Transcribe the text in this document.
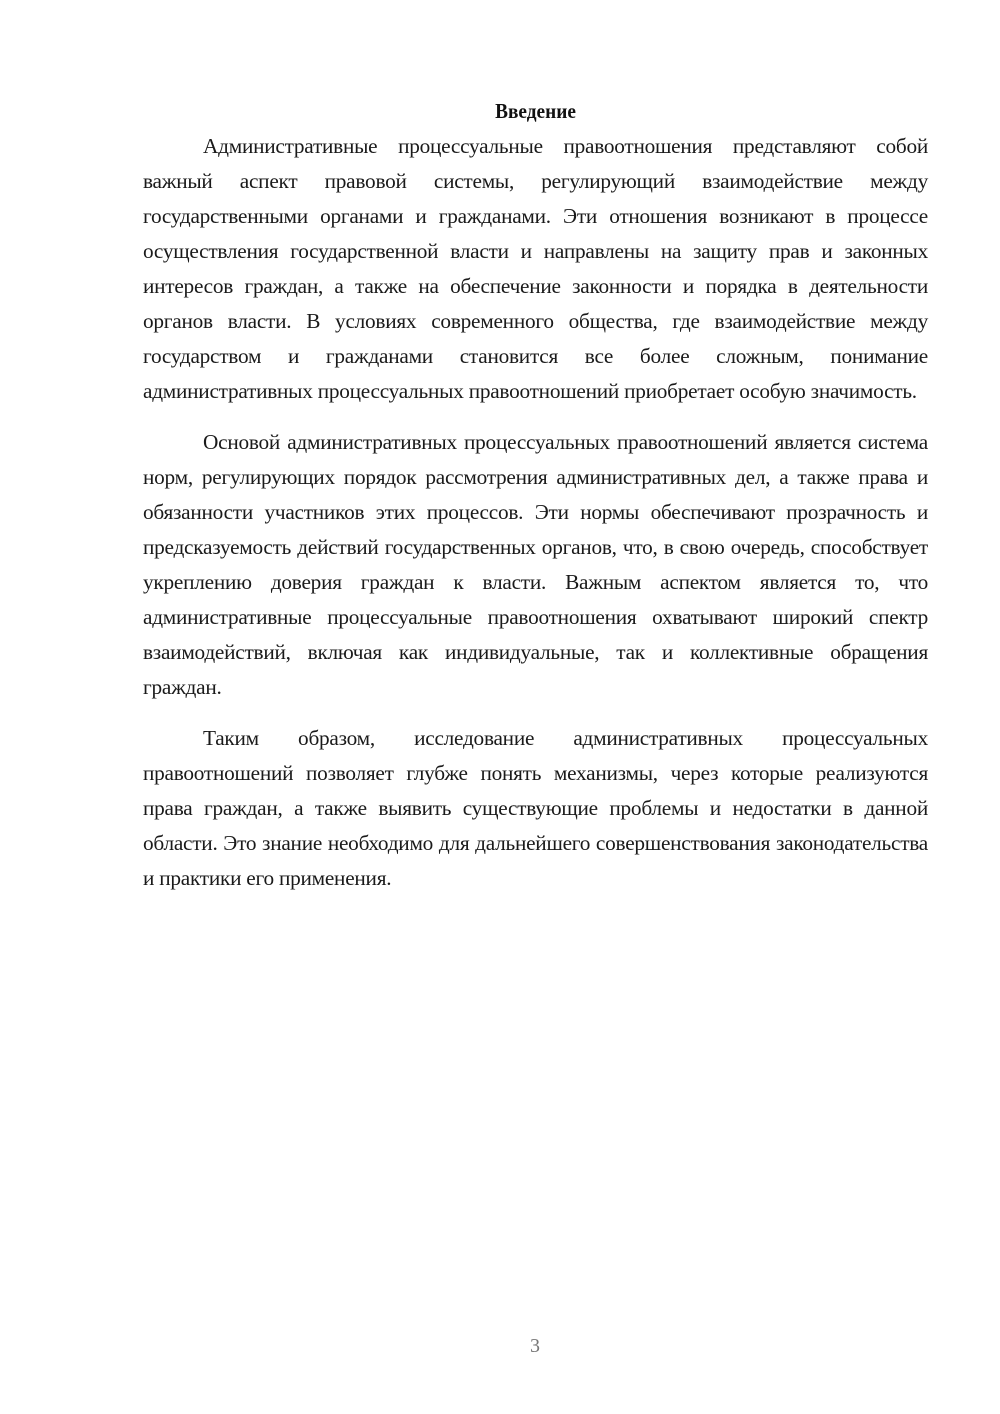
Введение

Административные процессуальные правоотношения представляют собой важный аспект правовой системы, регулирующий взаимодействие между государственными органами и гражданами. Эти отношения возникают в процессе осуществления государственной власти и направлены на защиту прав и законных интересов граждан, а также на обеспечение законности и порядка в деятельности органов власти. В условиях современного общества, где взаимодействие между государством и гражданами становится все более сложным, понимание административных процессуальных правоотношений приобретает особую значимость.

Основой административных процессуальных правоотношений является система норм, регулирующих порядок рассмотрения административных дел, а также права и обязанности участников этих процессов. Эти нормы обеспечивают прозрачность и предсказуемость действий государственных органов, что, в свою очередь, способствует укреплению доверия граждан к власти. Важным аспектом является то, что административные процессуальные правоотношения охватывают широкий спектр взаимодействий, включая как индивидуальные, так и коллективные обращения граждан.

Таким образом, исследование административных процессуальных правоотношений позволяет глубже понять механизмы, через которые реализуются права граждан, а также выявить существующие проблемы и недостатки в данной области. Это знание необходимо для дальнейшего совершенствования законодательства и практики его применения.

3
